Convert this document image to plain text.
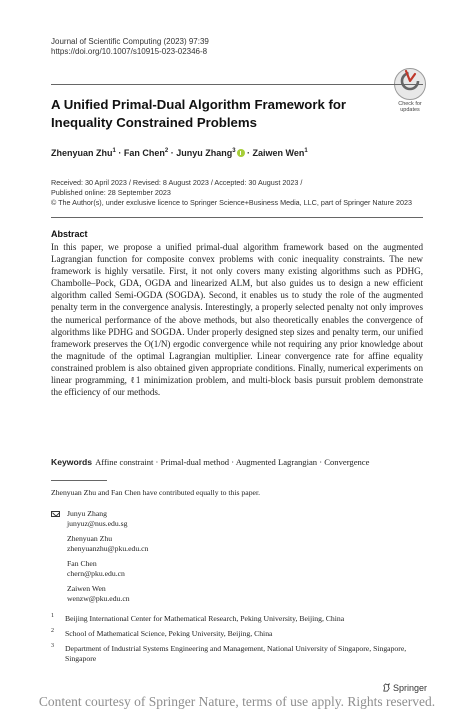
Journal of Scientific Computing (2023) 97:39
https://doi.org/10.1007/s10915-023-02346-8
Check for
updates
A Unified Primal-Dual Algorithm Framework for Inequality Constrained Problems
Zhenyuan Zhu$^1$ · Fan Chen$^2$ · Junyu Zhang$^3$ · Zaiwen Wen$^1$
Received: 30 April 2023 / Revised: 8 August 2023 / Accepted: 30 August 2023 /
Published online: 28 September 2023
© The Author(s), under exclusive licence to Springer Science+Business Media, LLC, part of Springer Nature 2023
Abstract
In this paper, we propose a unified primal-dual algorithm framework based on the augmented Lagrangian function for composite convex problems with conic inequality constraints. The new framework is highly versatile. First, it not only covers many existing algorithms such as PDHG, Chambolle–Pock, GDA, OGDA and linearized ALM, but also guides us to design a new efficient algorithm called Semi-OGDA (SOGDA). Second, it enables us to study the role of the augmented penalty term in the convergence analysis. Interestingly, a properly selected penalty not only improves the numerical performance of the above methods, but also theoretically enables the convergence of algorithms like PDHG and SOGDA. Under properly designed step sizes and penalty term, our unified framework preserves the O(1/N) ergodic convergence while not requiring any prior knowledge about the magnitude of the optimal Lagrangian multiplier. Linear convergence rate for affine equality constrained problem is also obtained given appropriate conditions. Finally, numerical experiments on linear programming, ℓ1 minimization problem, and multi-block basis pursuit problem demonstrate the efficiency of our methods.
Keywords Affine constraint · Primal-dual method · Augmented Lagrangian · Convergence
Zhenyuan Zhu and Fan Chen have contributed equally to this paper.
Junyu Zhang
junyuz@nus.edu.sg
Zhenyuan Zhu
zhenyuanzhu@pku.edu.cn
Fan Chen
chern@pku.edu.cn
Zaiwen Wen
wenzw@pku.edu.cn
1 Beijing International Center for Mathematical Research, Peking University, Beijing, China
2 School of Mathematical Science, Peking University, Beijing, China
3 Department of Industrial Systems Engineering and Management, National University of Singapore, Singapore, Singapore
Springer
Content courtesy of Springer Nature, terms of use apply. Rights reserved.
